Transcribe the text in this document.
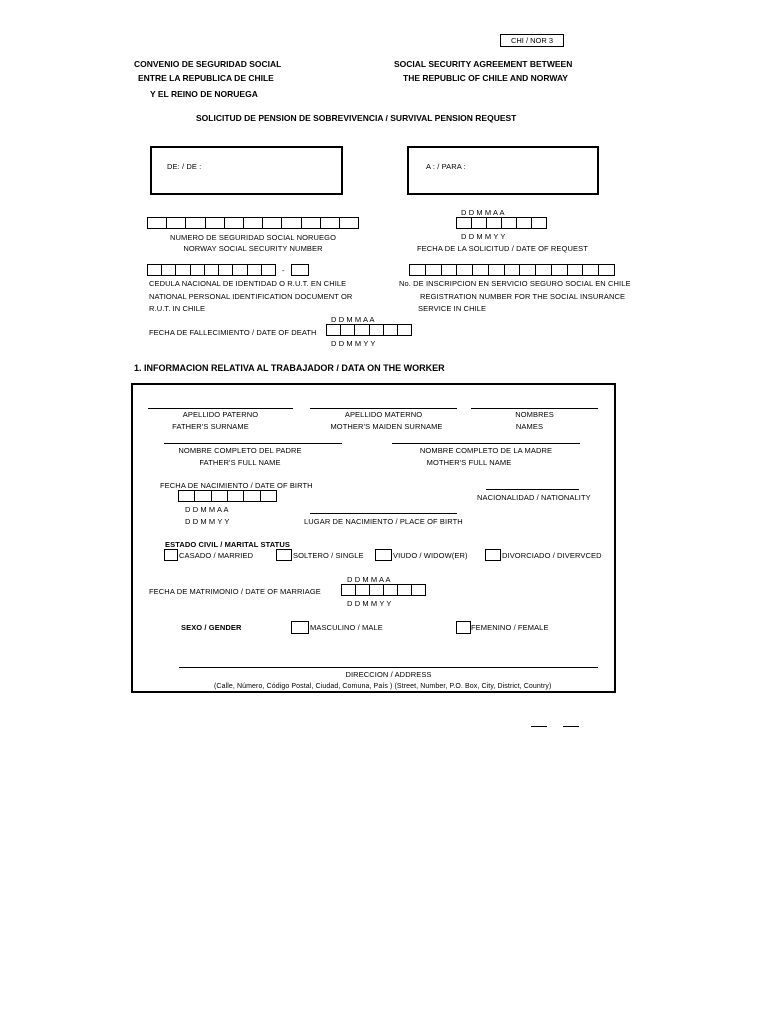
CHI / NOR 3
CONVENIO DE SEGURIDAD SOCIAL
ENTRE LA REPUBLICA DE CHILE
Y EL REINO DE NORUEGA
SOCIAL SECURITY AGREEMENT BETWEEN
THE REPUBLIC OF CHILE AND NORWAY
SOLICITUD DE PENSION DE SOBREVIVENCIA / SURVIVAL PENSION REQUEST
DE: / DE :	A : / PARA :
NUMERO DE SEGURIDAD SOCIAL NORUEGO
NORWAY SOCIAL SECURITY NUMBER
D D M M A A
D D M M Y Y
FECHA DE LA SOLICITUD / DATE OF REQUEST
-
CEDULA NACIONAL DE IDENTIDAD O R.U.T. EN CHILE
NATIONAL PERSONAL IDENTIFICATION DOCUMENT OR
R.U.T. IN CHILE
No. DE INSCRIPCION EN SERVICIO SEGURO SOCIAL EN CHILE
REGISTRATION NUMBER FOR THE SOCIAL INSURANCE
SERVICE IN CHILE
D D M M A A
D D M M Y Y
FECHA DE FALLECIMIENTO / DATE OF DEATH
1. INFORMACION RELATIVA AL TRABAJADOR / DATA ON THE WORKER
APELLIDO PATERNO
FATHER'S SURNAME
APELLIDO MATERNO
MOTHER'S MAIDEN SURNAME
NOMBRES
NAMES
NOMBRE COMPLETO DEL PADRE
FATHER'S FULL NAME
NOMBRE COMPLETO DE LA MADRE
MOTHER'S FULL NAME
FECHA DE NACIMIENTO / DATE OF BIRTH
D D M M A A
D D M M Y Y
NACIONALIDAD / NATIONALITY
LUGAR DE NACIMIENTO / PLACE OF BIRTH
ESTADO CIVIL / MARITAL STATUS
CASADO / MARRIED	SOLTERO / SINGLE	VIUDO / WIDOW(ER)	DIVORCIADO / DIVERVCED
D D M M A A
D D M M Y Y
FECHA DE MATRIMONIO / DATE OF MARRIAGE
SEXO / GENDER	MASCULINO / MALE	FEMENINO / FEMALE
DIRECCION / ADDRESS
(Calle, Número, Código Postal, Ciudad, Comuna, País ) (Street, Number, P.O. Box, City, District, Country)
